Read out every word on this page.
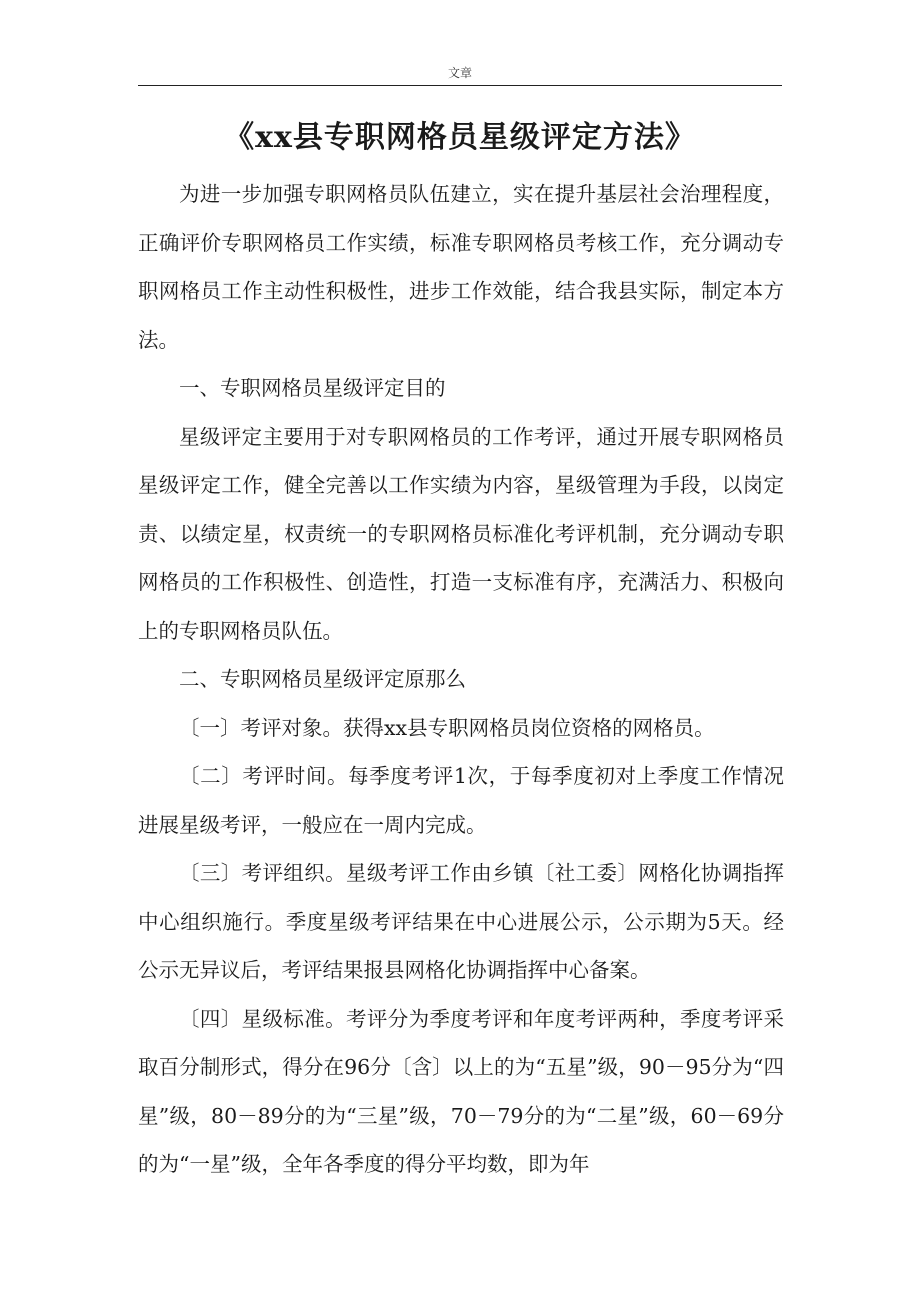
文章
《xx县专职网格员星级评定方法》

为进一步加强专职网格员队伍建立，实在提升基层社会治理程度，正确评价专职网格员工作实绩，标准专职网格员考核工作，充分调动专职网格员工作主动性积极性，进步工作效能，结合我县实际，制定本方法。

一、专职网格员星级评定目的

星级评定主要用于对专职网格员的工作考评，通过开展专职网格员星级评定工作，健全完善以工作实绩为内容，星级管理为手段，以岗定责、以绩定星，权责统一的专职网格员标准化考评机制，充分调动专职网格员的工作积极性、创造性，打造一支标准有序，充满活力、积极向上的专职网格员队伍。

二、专职网格员星级评定原那么

〔一〕考评对象。获得xx县专职网格员岗位资格的网格员。

〔二〕考评时间。每季度考评1次，于每季度初对上季度工作情况进展星级考评，一般应在一周内完成。

〔三〕考评组织。星级考评工作由乡镇〔社工委〕网格化协调指挥中心组织施行。季度星级考评结果在中心进展公示，公示期为5天。经公示无异议后，考评结果报县网格化协调指挥中心备案。

〔四〕星级标准。考评分为季度考评和年度考评两种，季度考评采取百分制形式，得分在96分〔含〕以上的为“五星”级，90－95分为“四星”级，80－89分的为“三星”级，70－79分的为“二星”级，60－69分的为“一星”级，全年各季度的得分平均数，即为年
